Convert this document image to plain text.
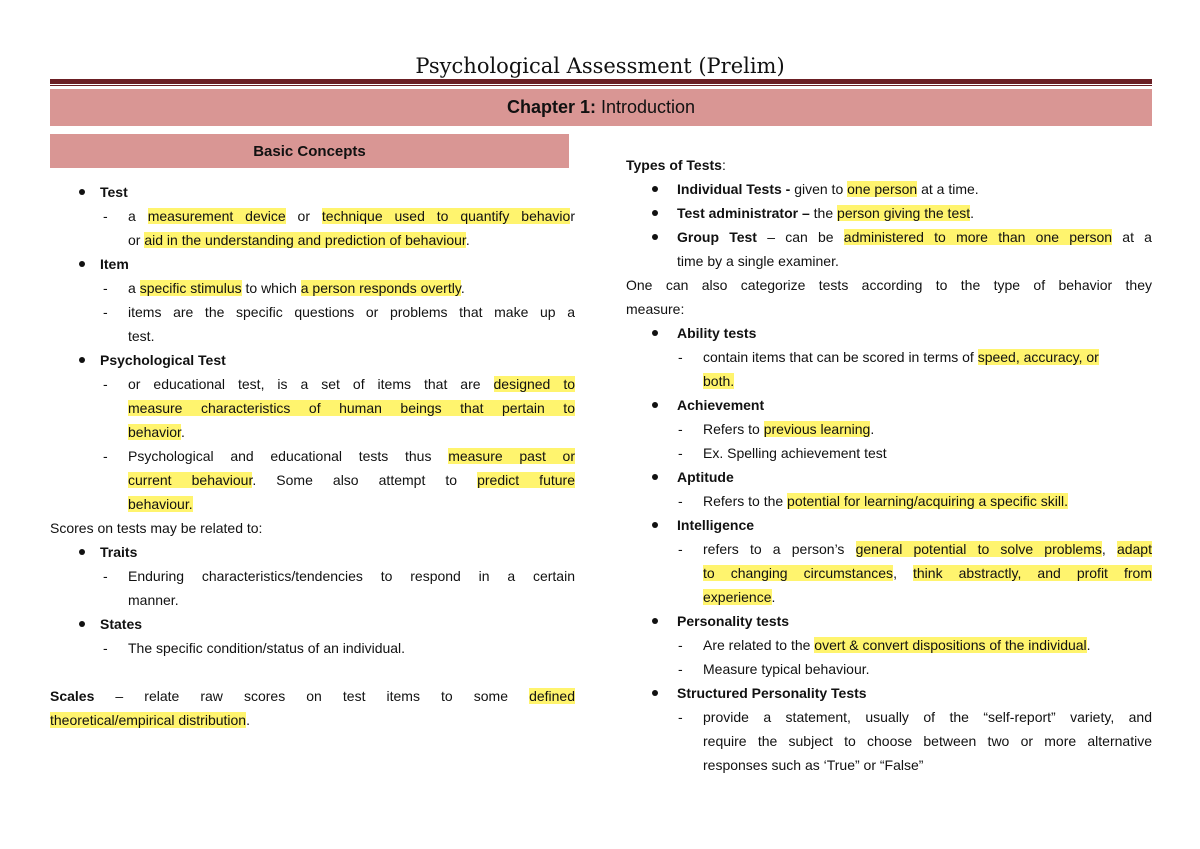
Psychological Assessment (Prelim)
Chapter 1:
Introduction
Basic Concepts
Test
- a measurement device or technique used to quantify behavior
or aid in the understanding and prediction of behaviour.
Item
- a specific stimulus to which a person responds overtly.
- items are the specific questions or problems that make up a
test.
Psychological Test
- or educational test, is a set of items that are designed to
measure characteristics of human beings that pertain to
behavior.
- Psychological and educational tests thus measure past or
current behaviour. Some also attempt to predict future
behaviour.
Scores on tests may be related to:
Traits
- Enduring characteristics/tendencies to respond in a certain
manner.
States
- The specific condition/status of an individual.
Scales – relate raw scores on test items to some defined
theoretical/empirical distribution.
Types of Tests:
Individual Tests - given to one person at a time.
Test administrator – the person giving the test.
Group Test – can be administered to more than one person at a
time by a single examiner.
One can also categorize tests according to the type of behavior they
measure:
Ability tests
- contain items that can be scored in terms of speed, accuracy, or
both.
Achievement
- Refers to previous learning.
- Ex. Spelling achievement test
Aptitude
- Refers to the potential for learning/acquiring a specific skill.
Intelligence
- refers to a person’s general potential to solve problems, adapt
to changing circumstances, think abstractly, and profit from
experience.
Personality tests
- Are related to the overt & convert dispositions of the individual.
- Measure typical behaviour.
Structured Personality Tests
- provide a statement, usually of the “self-report” variety, and
require the subject to choose between two or more alternative
responses such as ‘True” or “False”
